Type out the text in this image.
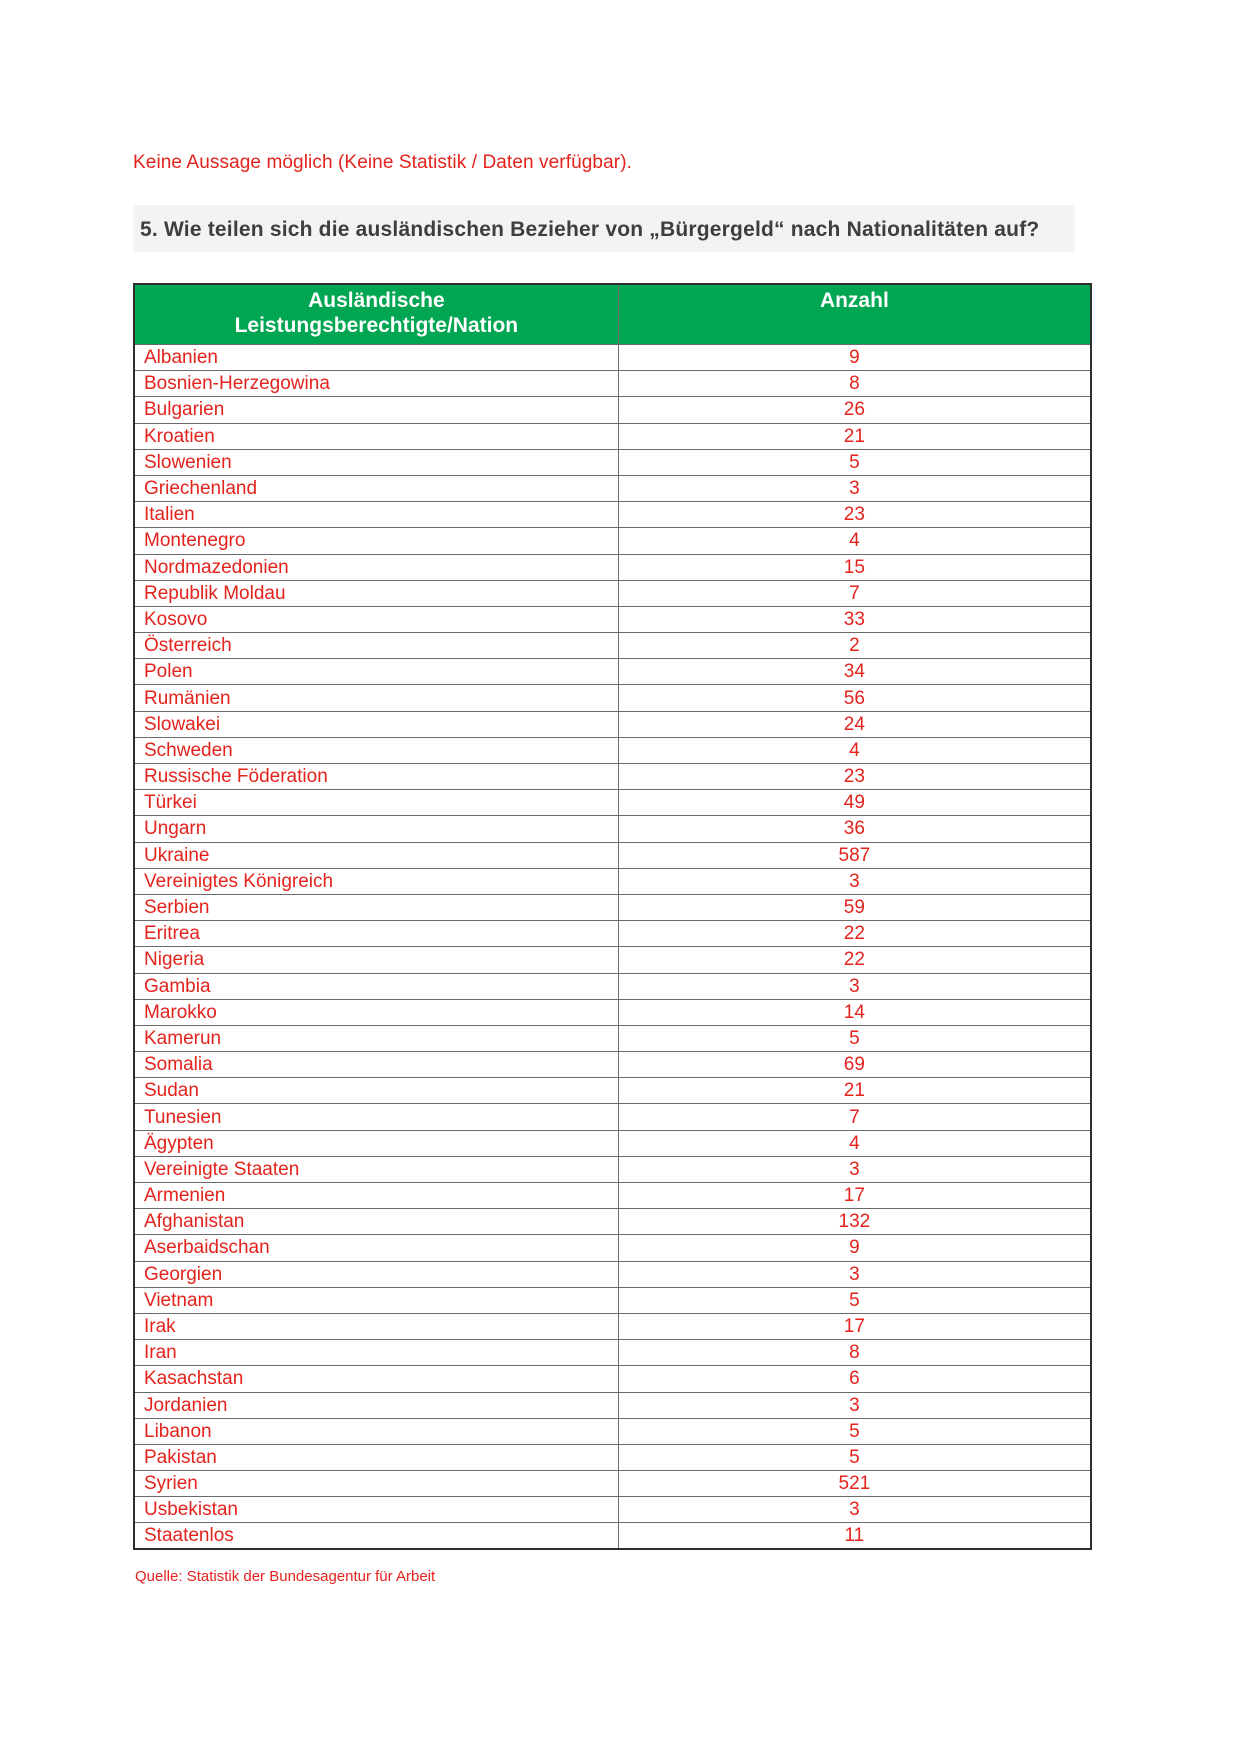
Keine Aussage möglich (Keine Statistik / Daten verfügbar).
5. Wie teilen sich die ausländischen Bezieher von „Bürgergeld“ nach Nationalitäten auf?
Ausländische
Leistungsberechtigte/Nation	Anzahl
Albanien	9
Bosnien-Herzegowina	8
Bulgarien	26
Kroatien	21
Slowenien	5
Griechenland	3
Italien	23
Montenegro	4
Nordmazedonien	15
Republik Moldau	7
Kosovo	33
Österreich	2
Polen	34
Rumänien	56
Slowakei	24
Schweden	4
Russische Föderation	23
Türkei	49
Ungarn	36
Ukraine	587
Vereinigtes Königreich	3
Serbien	59
Eritrea	22
Nigeria	22
Gambia	3
Marokko	14
Kamerun	5
Somalia	69
Sudan	21
Tunesien	7
Ägypten	4
Vereinigte Staaten	3
Armenien	17
Afghanistan	132
Aserbaidschan	9
Georgien	3
Vietnam	5
Irak	17
Iran	8
Kasachstan	6
Jordanien	3
Libanon	5
Pakistan	5
Syrien	521
Usbekistan	3
Staatenlos	11
Quelle: Statistik der Bundesagentur für Arbeit
